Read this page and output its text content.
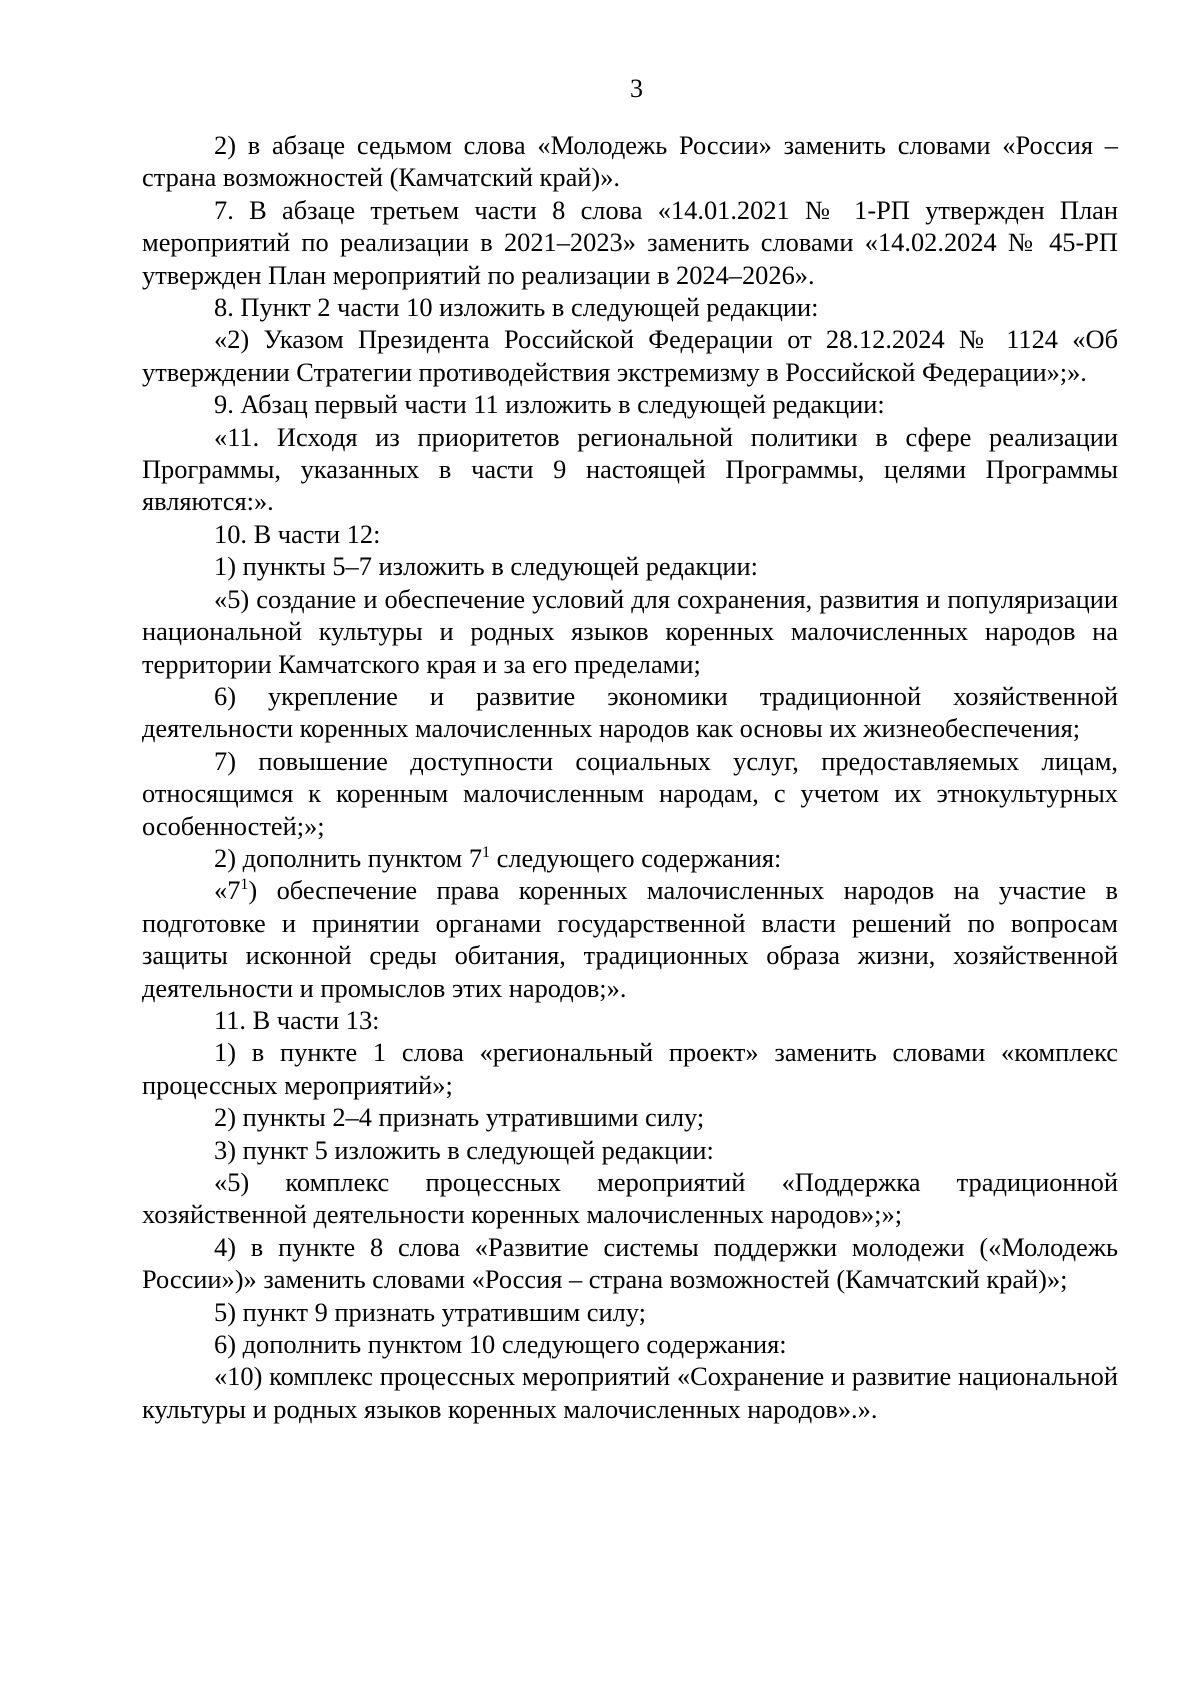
3

2) в абзаце седьмом слова «Молодежь России» заменить словами «Россия – страна возможностей (Камчатский край)».

7. В абзаце третьем части 8 слова «14.01.2021 № 1-РП утвержден План мероприятий по реализации в 2021–2023» заменить словами «14.02.2024 № 45-РП утвержден План мероприятий по реализации в 2024–2026».

8. Пункт 2 части 10 изложить в следующей редакции:

«2) Указом Президента Российской Федерации от 28.12.2024 № 1124 «Об утверждении Стратегии противодействия экстремизму в Российской Федерации»;».

9. Абзац первый части 11 изложить в следующей редакции:

«11. Исходя из приоритетов региональной политики в сфере реализации Программы, указанных в части 9 настоящей Программы, целями Программы являются:».

10. В части 12:

1) пункты 5–7 изложить в следующей редакции:

«5) создание и обеспечение условий для сохранения, развития и популяризации национальной культуры и родных языков коренных малочисленных народов на территории Камчатского края и за его пределами;

6) укрепление и развитие экономики традиционной хозяйственной деятельности коренных малочисленных народов как основы их жизнеобеспечения;

7) повышение доступности социальных услуг, предоставляемых лицам, относящимся к коренным малочисленным народам, с учетом их этнокультурных особенностей;»;

2) дополнить пунктом $7^1$ следующего содержания:

«$7^1$) обеспечение права коренных малочисленных народов на участие в подготовке и принятии органами государственной власти решений по вопросам защиты исконной среды обитания, традиционных образа жизни, хозяйственной деятельности и промыслов этих народов;».

11. В части 13:

1) в пункте 1 слова «региональный проект» заменить словами «комплекс процессных мероприятий»;

2) пункты 2–4 признать утратившими силу;

3) пункт 5 изложить в следующей редакции:

«5) комплекс процессных мероприятий «Поддержка традиционной хозяйственной деятельности коренных малочисленных народов»;»;

4) в пункте 8 слова «Развитие системы поддержки молодежи («Молодежь России»)» заменить словами «Россия – страна возможностей (Камчатский край)»;

5) пункт 9 признать утратившим силу;

6) дополнить пунктом 10 следующего содержания:

«10) комплекс процессных мероприятий «Сохранение и развитие национальной культуры и родных языков коренных малочисленных народов».».
